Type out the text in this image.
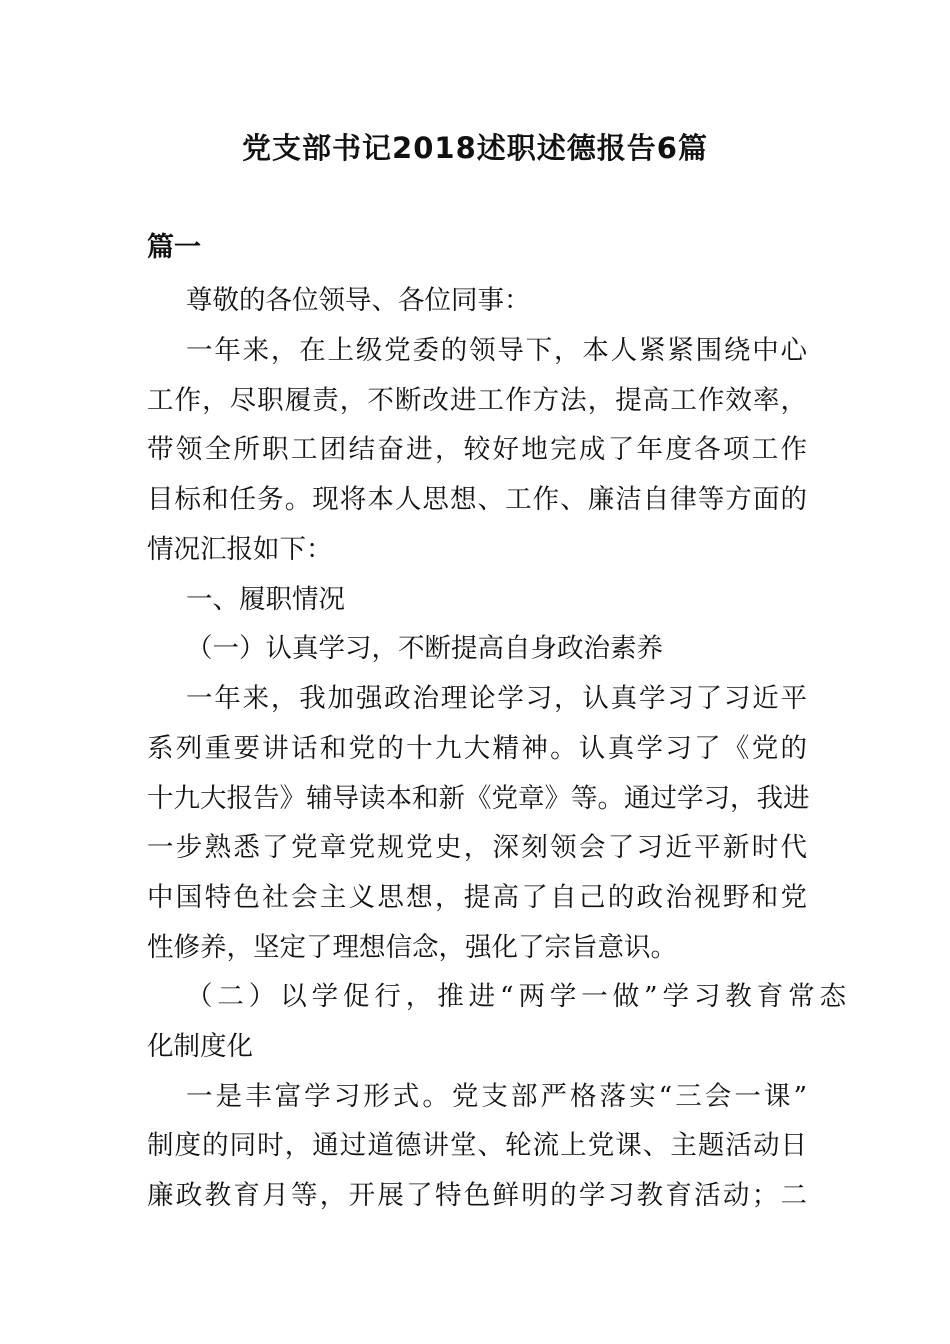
党支部书记2018述职述德报告6篇
篇一

尊敬的各位领导、各位同事：

一年来，在上级党委的领导下，本人紧紧围绕中心

工作，尽职履责，不断改进工作方法，提高工作效率，

带领全所职工团结奋进，较好地完成了年度各项工作

目标和任务。现将本人思想、工作、廉洁自律等方面的

情况汇报如下：

一、履职情况

（一）认真学习，不断提高自身政治素养

一年来，我加强政治理论学习，认真学习了习近平

系列重要讲话和党的十九大精神。认真学习了《党的

十九大报告》辅导读本和新《党章》等。通过学习，我进

一步熟悉了党章党规党史，深刻领会了习近平新时代

中国特色社会主义思想，提高了自己的政治视野和党

性修养，坚定了理想信念，强化了宗旨意识。

（二）以学促行，推进“两学一做”学习教育常态

化制度化

一是丰富学习形式。党支部严格落实“三会一课”

制度的同时，通过道德讲堂、轮流上党课、主题活动日

廉政教育月等，开展了特色鲜明的学习教育活动；二
